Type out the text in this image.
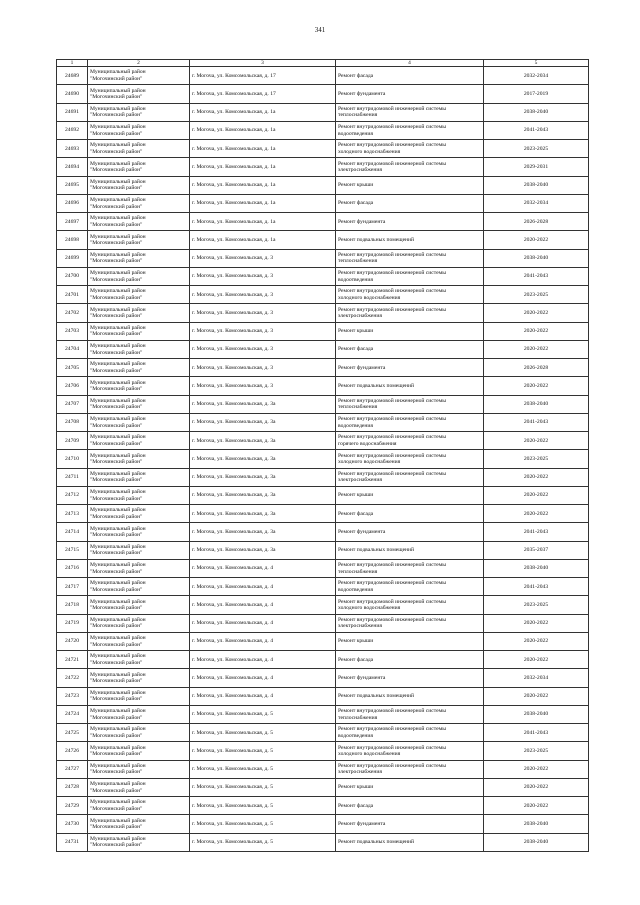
341
1	2	3	4	5
24689	Муниципальный район
"Могочинский район"	г. Могоча, ул. Комсомольская, д. 17	Ремонт фасада	2032-2034
24690	Муниципальный район
"Могочинский район"	г. Могоча, ул. Комсомольская, д. 17	Ремонт фундамента	2017-2019
24691	Муниципальный район
"Могочинский район"	г. Могоча, ул. Комсомольская, д. 1а	Ремонт внутридомовой инженерной системы
теплоснабжения	2038-2040
24692	Муниципальный район
"Могочинский район"	г. Могоча, ул. Комсомольская, д. 1а	Ремонт внутридомовой инженерной системы
водоотведения	2041-2043
24693	Муниципальный район
"Могочинский район"	г. Могоча, ул. Комсомольская, д. 1а	Ремонт внутридомовой инженерной системы
холодного водоснабжения	2023-2025
24694	Муниципальный район
"Могочинский район"	г. Могоча, ул. Комсомольская, д. 1а	Ремонт внутридомовой инженерной системы
электроснабжения	2029-2031
24695	Муниципальный район
"Могочинский район"	г. Могоча, ул. Комсомольская, д. 1а	Ремонт крыши	2038-2040
24696	Муниципальный район
"Могочинский район"	г. Могоча, ул. Комсомольская, д. 1а	Ремонт фасада	2032-2034
24697	Муниципальный район
"Могочинский район"	г. Могоча, ул. Комсомольская, д. 1а	Ремонт фундамента	2026-2028
24698	Муниципальный район
"Могочинский район"	г. Могоча, ул. Комсомольская, д. 1а	Ремонт подвальных помещений	2020-2022
24699	Муниципальный район
"Могочинский район"	г. Могоча, ул. Комсомольская, д. 3	Ремонт внутридомовой инженерной системы
теплоснабжения	2038-2040
24700	Муниципальный район
"Могочинский район"	г. Могоча, ул. Комсомольская, д. 3	Ремонт внутридомовой инженерной системы
водоотведения	2041-2043
24701	Муниципальный район
"Могочинский район"	г. Могоча, ул. Комсомольская, д. 3	Ремонт внутридомовой инженерной системы
холодного водоснабжения	2023-2025
24702	Муниципальный район
"Могочинский район"	г. Могоча, ул. Комсомольская, д. 3	Ремонт внутридомовой инженерной системы
электроснабжения	2020-2022
24703	Муниципальный район
"Могочинский район"	г. Могоча, ул. Комсомольская, д. 3	Ремонт крыши	2020-2022
24704	Муниципальный район
"Могочинский район"	г. Могоча, ул. Комсомольская, д. 3	Ремонт фасада	2020-2022
24705	Муниципальный район
"Могочинский район"	г. Могоча, ул. Комсомольская, д. 3	Ремонт фундамента	2026-2028
24706	Муниципальный район
"Могочинский район"	г. Могоча, ул. Комсомольская, д. 3	Ремонт подвальных помещений	2020-2022
24707	Муниципальный район
"Могочинский район"	г. Могоча, ул. Комсомольская, д. 3а	Ремонт внутридомовой инженерной системы
теплоснабжения	2038-2040
24708	Муниципальный район
"Могочинский район"	г. Могоча, ул. Комсомольская, д. 3а	Ремонт внутридомовой инженерной системы
водоотведения	2041-2043
24709	Муниципальный район
"Могочинский район"	г. Могоча, ул. Комсомольская, д. 3а	Ремонт внутридомовой инженерной системы
горячего водоснабжения	2020-2022
24710	Муниципальный район
"Могочинский район"	г. Могоча, ул. Комсомольская, д. 3а	Ремонт внутридомовой инженерной системы
холодного водоснабжения	2023-2025
24711	Муниципальный район
"Могочинский район"	г. Могоча, ул. Комсомольская, д. 3а	Ремонт внутридомовой инженерной системы
электроснабжения	2020-2022
24712	Муниципальный район
"Могочинский район"	г. Могоча, ул. Комсомольская, д. 3а	Ремонт крыши	2020-2022
24713	Муниципальный район
"Могочинский район"	г. Могоча, ул. Комсомольская, д. 3а	Ремонт фасада	2020-2022
24714	Муниципальный район
"Могочинский район"	г. Могоча, ул. Комсомольская, д. 3а	Ремонт фундамента	2041-2043
24715	Муниципальный район
"Могочинский район"	г. Могоча, ул. Комсомольская, д. 3а	Ремонт подвальных помещений	2035-2037
24716	Муниципальный район
"Могочинский район"	г. Могоча, ул. Комсомольская, д. 4	Ремонт внутридомовой инженерной системы
теплоснабжения	2038-2040
24717	Муниципальный район
"Могочинский район"	г. Могоча, ул. Комсомольская, д. 4	Ремонт внутридомовой инженерной системы
водоотведения	2041-2043
24718	Муниципальный район
"Могочинский район"	г. Могоча, ул. Комсомольская, д. 4	Ремонт внутридомовой инженерной системы
холодного водоснабжения	2023-2025
24719	Муниципальный район
"Могочинский район"	г. Могоча, ул. Комсомольская, д. 4	Ремонт внутридомовой инженерной системы
электроснабжения	2020-2022
24720	Муниципальный район
"Могочинский район"	г. Могоча, ул. Комсомольская, д. 4	Ремонт крыши	2020-2022
24721	Муниципальный район
"Могочинский район"	г. Могоча, ул. Комсомольская, д. 4	Ремонт фасада	2020-2022
24722	Муниципальный район
"Могочинский район"	г. Могоча, ул. Комсомольская, д. 4	Ремонт фундамента	2032-2034
24723	Муниципальный район
"Могочинский район"	г. Могоча, ул. Комсомольская, д. 4	Ремонт подвальных помещений	2020-2022
24724	Муниципальный район
"Могочинский район"	г. Могоча, ул. Комсомольская, д. 5	Ремонт внутридомовой инженерной системы
теплоснабжения	2038-2040
24725	Муниципальный район
"Могочинский район"	г. Могоча, ул. Комсомольская, д. 5	Ремонт внутридомовой инженерной системы
водоотведения	2041-2043
24726	Муниципальный район
"Могочинский район"	г. Могоча, ул. Комсомольская, д. 5	Ремонт внутридомовой инженерной системы
холодного водоснабжения	2023-2025
24727	Муниципальный район
"Могочинский район"	г. Могоча, ул. Комсомольская, д. 5	Ремонт внутридомовой инженерной системы
электроснабжения	2020-2022
24728	Муниципальный район
"Могочинский район"	г. Могоча, ул. Комсомольская, д. 5	Ремонт крыши	2020-2022
24729	Муниципальный район
"Могочинский район"	г. Могоча, ул. Комсомольская, д. 5	Ремонт фасада	2020-2022
24730	Муниципальный район
"Могочинский район"	г. Могоча, ул. Комсомольская, д. 5	Ремонт фундамента	2038-2040
24731	Муниципальный район
"Могочинский район"	г. Могоча, ул. Комсомольская, д. 5	Ремонт подвальных помещений	2038-2040
